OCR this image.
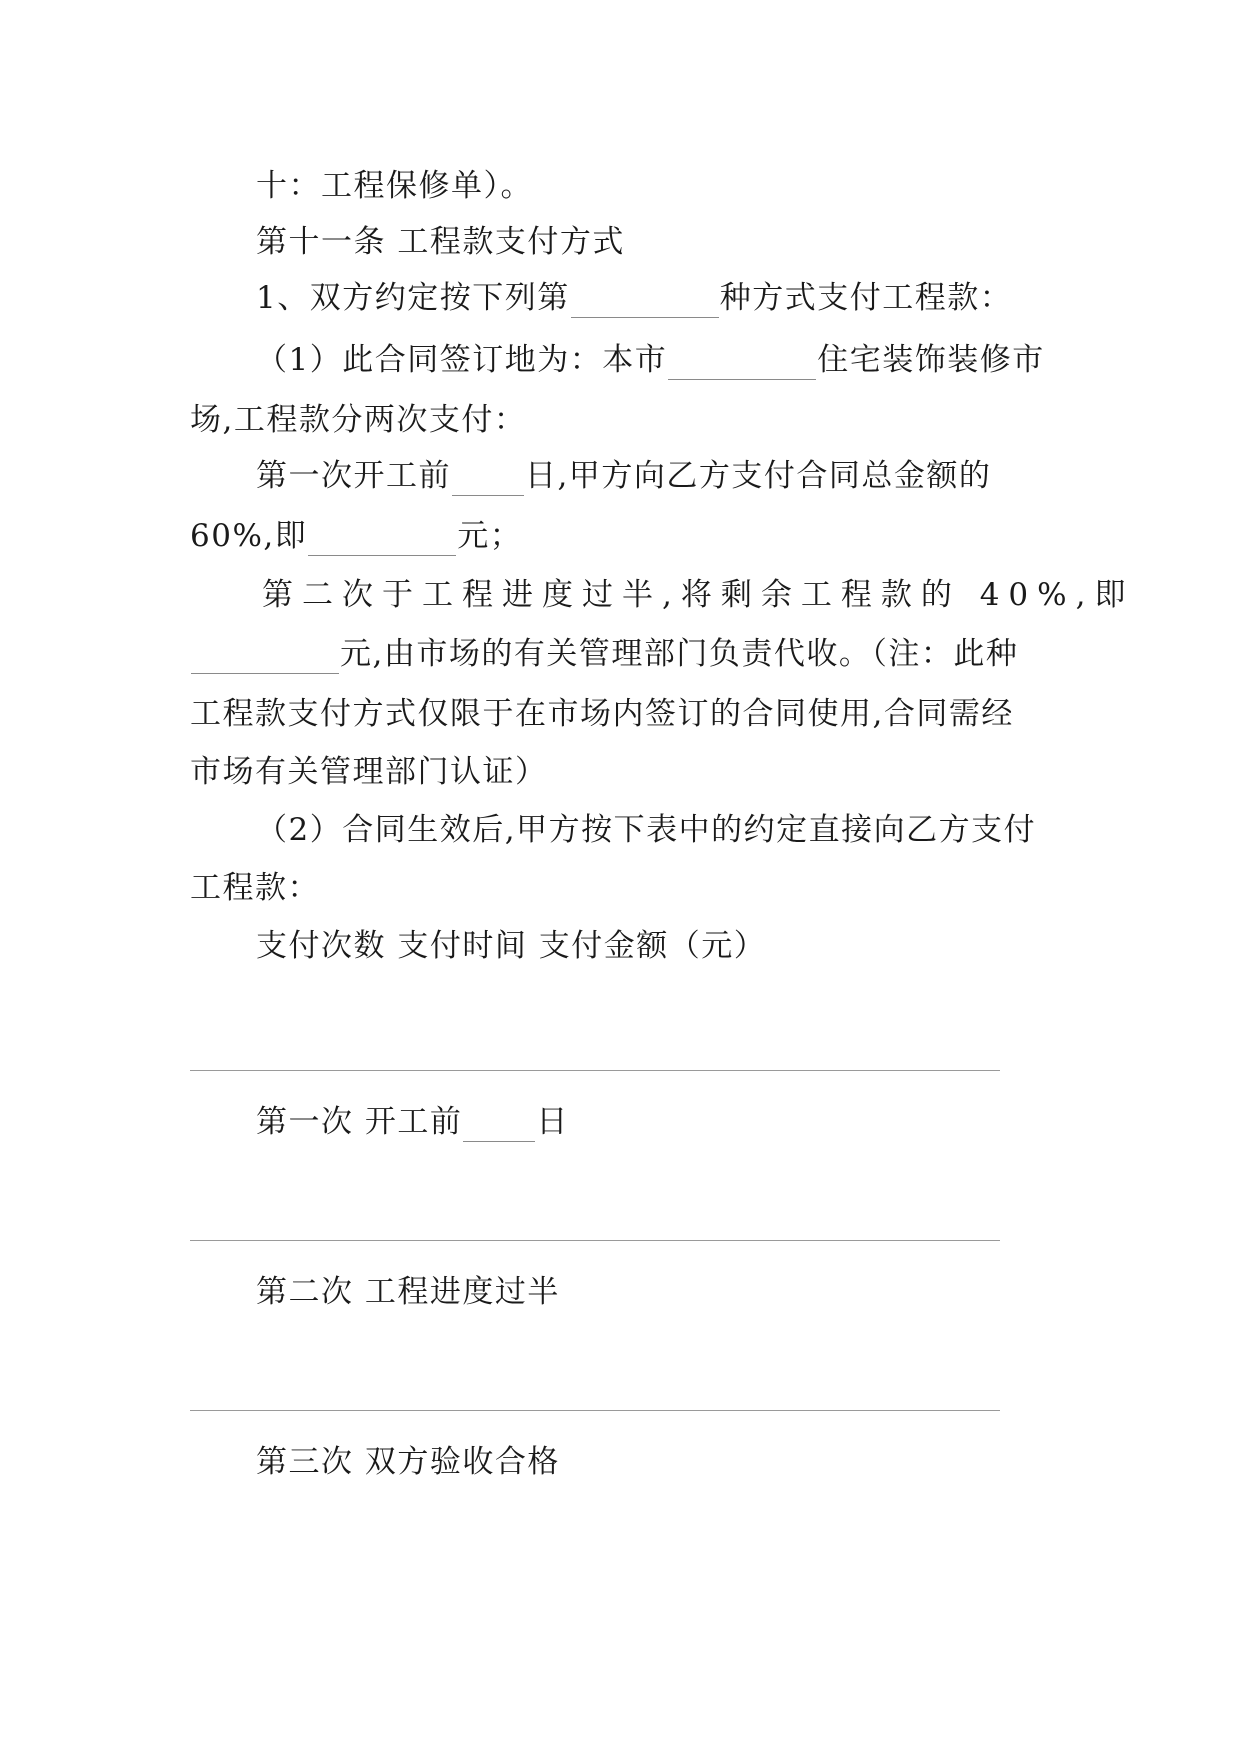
十：工程保修单）。
第十一条 工程款支付方式
1、双方约定按下列第	种方式支付工程款：
（1）此合同签订地为：本市	住宅装饰装修市
场,工程款分两次支付：
第一次开工前 日,甲方向乙方支付合同总金额的
60%,即	元；
第二次于工程进度过半,将剩余工程款的 40%,即
元,由市场的有关管理部门负责代收。（注：此种
工程款支付方式仅限于在市场内签订的合同使用,合同需经
市场有关管理部门认证）
（2）合同生效后,甲方按下表中的约定直接向乙方支付
工程款：
支付次数 支付时间 支付金额（元）
第一次 开工前 日
第二次 工程进度过半
第三次 双方验收合格
